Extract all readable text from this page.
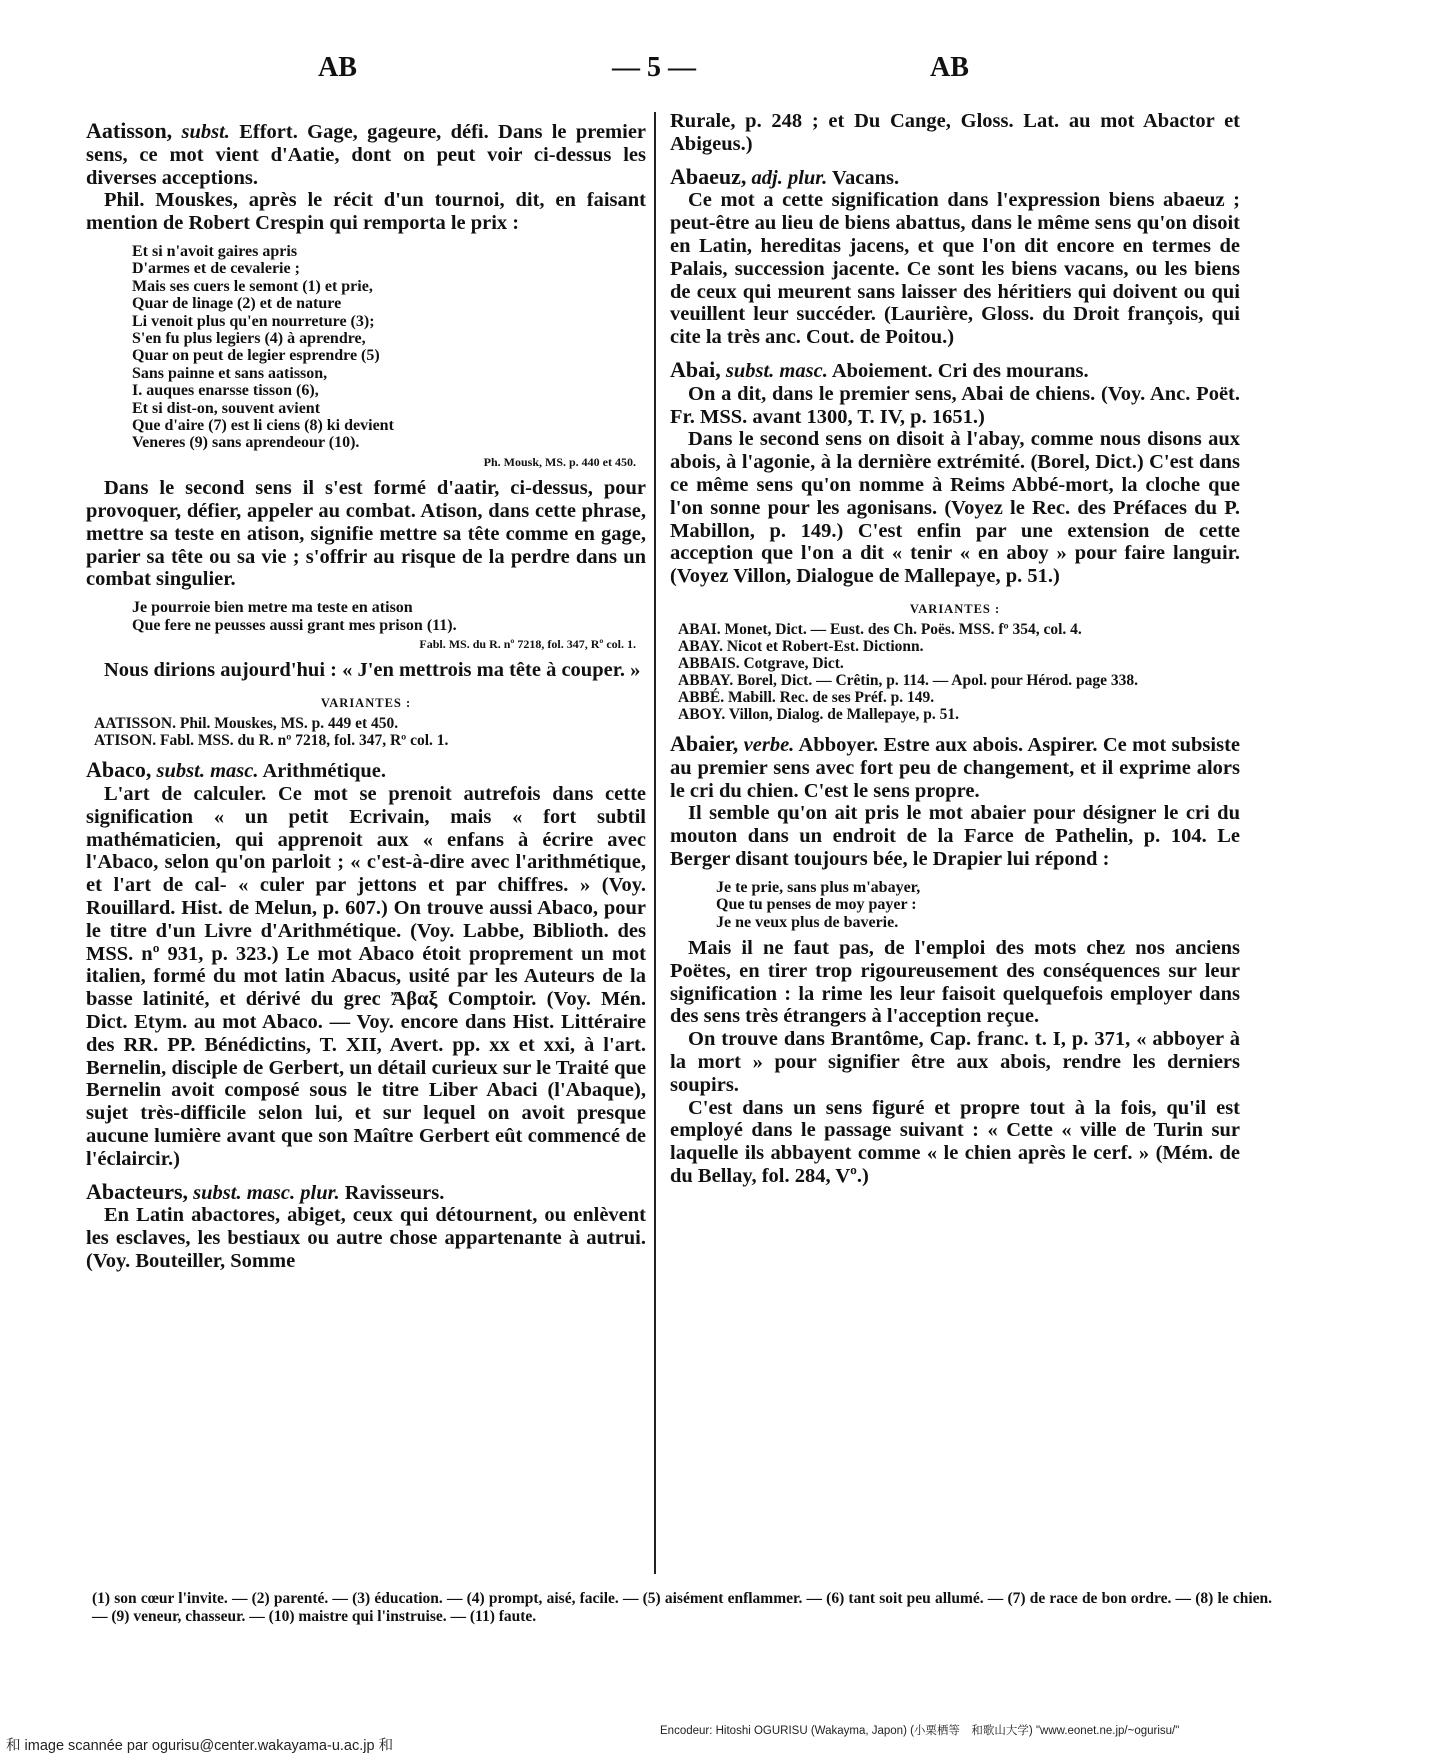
AB	— 5 —	AB

Aatisson, subst. Effort. Gage, gageure, défi. Dans le premier sens, ce mot vient d'Aatie, dont on peut voir ci-dessus les diverses acceptions.

Phil. Mouskes, après le récit d'un tournoi, dit, en faisant mention de Robert Crespin qui remporta le prix :

Et si n'avoit gaires apris
D'armes et de cevalerie ;
Mais ses cuers le semont (1) et prie,
Quar de linage (2) et de nature
Li venoit plus qu'en nourreture (3);
S'en fu plus legiers (4) à aprendre,
Quar on peut de legier esprendre (5)
Sans painne et sans aatisson,
I. auques enarsse tisson (6),
Et si dist-on, souvent avient
Que d'aire (7) est li ciens (8) ki devient
Veneres (9) sans aprendeour (10).
Ph. Mousk, MS. p. 440 et 450.

Dans le second sens il s'est formé d'aatir, ci-dessus, pour provoquer, défier, appeler au combat. Atison, dans cette phrase, mettre sa teste en atison, signifie mettre sa tête comme en gage, parier sa tête ou sa vie ; s'offrir au risque de la perdre dans un combat singulier.

Je pourroie bien metre ma teste en atison
Que fere ne peusses aussi grant mes prison (11).
Fabl. MS. du R. nº 7218, fol. 347, Rº col. 1.

Nous dirions aujourd'hui : « J'en mettrois ma tête à couper. »

VARIANTES :
AATISSON. Phil. Mouskes, MS. p. 449 et 450.
ATISON. Fabl. MSS. du R. nº 7218, fol. 347, Rº col. 1.

Abaco, subst. masc. Arithmétique.

L'art de calculer. Ce mot se prenoit autrefois dans cette signification « un petit Ecrivain, mais « fort subtil mathématicien, qui apprenoit aux « enfans à écrire avec l'Abaco, selon qu'on parloit ; « c'est-à-dire avec l'arithmétique, et l'art de cal- « culer par jettons et par chiffres. » (Voy. Rouillard. Hist. de Melun, p. 607.) On trouve aussi Abaco, pour le titre d'un Livre d'Arithmétique. (Voy. Labbe, Biblioth. des MSS. nº 931, p. 323.) Le mot Abaco étoit proprement un mot italien, formé du mot latin Abacus, usité par les Auteurs de la basse latinité, et dérivé du grec Ἄβαξ Comptoir. (Voy. Mén. Dict. Etym. au mot Abaco. — Voy. encore dans Hist. Littéraire des RR. PP. Bénédictins, T. XII, Avert. pp. xx et xxi, à l'art. Bernelin, disciple de Gerbert, un détail curieux sur le Traité que Bernelin avoit composé sous le titre Liber Abaci (l'Abaque), sujet très-difficile selon lui, et sur lequel on avoit presque aucune lumière avant que son Maître Gerbert eût commencé de l'éclaircir.)

Abacteurs, subst. masc. plur. Ravisseurs.

En Latin abactores, abiget, ceux qui détournent, ou enlèvent les esclaves, les bestiaux ou autre chose appartenante à autrui. (Voy. Bouteiller, Somme

Rurale, p. 248 ; et Du Cange, Gloss. Lat. au mot Abactor et Abigeus.)

Abaeuz, adj. plur. Vacans.

Ce mot a cette signification dans l'expression biens abaeuz ; peut-être au lieu de biens abattus, dans le même sens qu'on disoit en Latin, hereditas jacens, et que l'on dit encore en termes de Palais, succession jacente. Ce sont les biens vacans, ou les biens de ceux qui meurent sans laisser des héritiers qui doivent ou qui veuillent leur succéder. (Laurière, Gloss. du Droit françois, qui cite la très anc. Cout. de Poitou.)

Abai, subst. masc. Aboiement. Cri des mourans.

On a dit, dans le premier sens, Abai de chiens. (Voy. Anc. Poët. Fr. MSS. avant 1300, T. IV, p. 1651.)

Dans le second sens on disoit à l'abay, comme nous disons aux abois, à l'agonie, à la dernière extrémité. (Borel, Dict.) C'est dans ce même sens qu'on nomme à Reims Abbé-mort, la cloche que l'on sonne pour les agonisans. (Voyez le Rec. des Préfaces du P. Mabillon, p. 149.) C'est enfin par une extension de cette acception que l'on a dit « tenir « en aboy » pour faire languir. (Voyez Villon, Dialogue de Mallepaye, p. 51.)

VARIANTES :
ABAI. Monet, Dict. — Eust. des Ch. Poës. MSS. fº 354, col. 4.
ABAY. Nicot et Robert-Est. Dictionn.
ABBAIS. Cotgrave, Dict.
ABBAY. Borel, Dict. — Crêtin, p. 114. — Apol. pour Hérod. page 338.
ABBÉ. Mabill. Rec. de ses Préf. p. 149.
ABOY. Villon, Dialog. de Mallepaye, p. 51.

Abaier, verbe. Abboyer. Estre aux abois. Aspirer. Ce mot subsiste au premier sens avec fort peu de changement, et il exprime alors le cri du chien. C'est le sens propre.

Il semble qu'on ait pris le mot abaier pour désigner le cri du mouton dans un endroit de la Farce de Pathelin, p. 104. Le Berger disant toujours bée, le Drapier lui répond :

Je te prie, sans plus m'abayer,
Que tu penses de moy payer :
Je ne veux plus de baverie.

Mais il ne faut pas, de l'emploi des mots chez nos anciens Poëtes, en tirer trop rigoureusement des conséquences sur leur signification : la rime les leur faisoit quelquefois employer dans des sens très étrangers à l'acception reçue.

On trouve dans Brantôme, Cap. franc. t. I, p. 371, « abboyer à la mort » pour signifier être aux abois, rendre les derniers soupirs.

C'est dans un sens figuré et propre tout à la fois, qu'il est employé dans le passage suivant : « Cette « ville de Turin sur laquelle ils abbayent comme « le chien après le cerf. » (Mém. de du Bellay, fol. 284, Vº.)

(1) son cœur l'invite. — (2) parenté. — (3) éducation. — (4) prompt, aisé, facile. — (5) aisément enflammer. — (6) tant soit peu allumé. — (7) de race de bon ordre. — (8) le chien. — (9) veneur, chasseur. — (10) maistre qui l'instruise. — (11) faute.
Encodeur: Hitoshi OGURISU (Wakayma, Japon) (小栗栖等　和歌山大学) "www.eonet.ne.jp/~ogurisu/"
和 image scannée par ogurisu@center.wakayama-u.ac.jp 和
